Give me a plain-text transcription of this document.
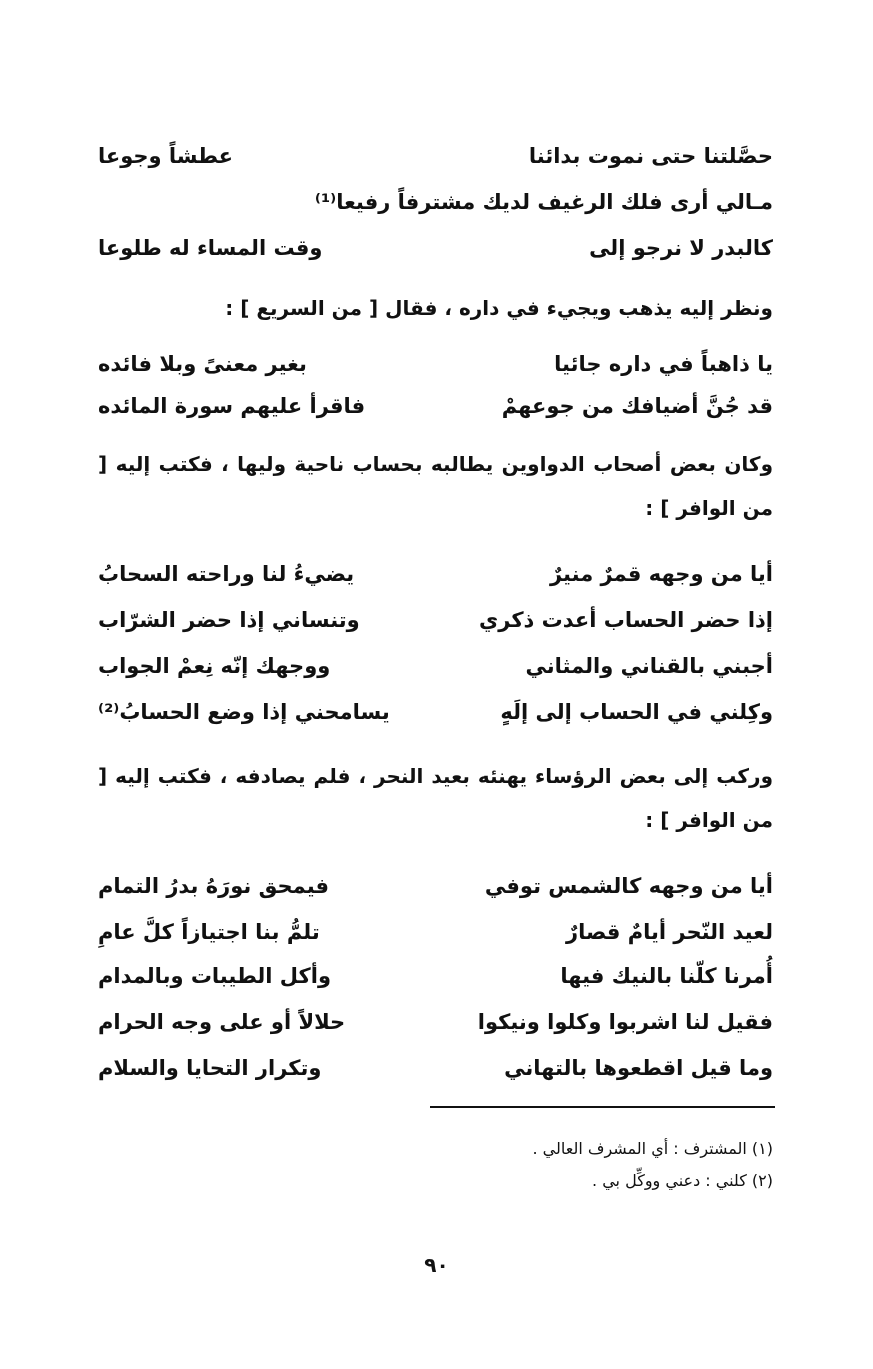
حصَّلتنا حتى نموت بدائنا
عطشاً وجوعا
مـالي أرى فلك الرغيف لديك مشترفاً رفيعا⁽¹⁾
كالبدر لا نرجو إلى
وقت المساء له طلوعا
ونظر إليه يذهب ويجيء في داره ، فقال [ من السريع ] :
يا ذاهباً في داره جائيا
بغير معنىً وبلا فائده
قد جُنَّ أضيافك من جوعهمْ
فاقرأ عليهم سورة المائده
وكان بعض أصحاب الدواوين يطالبه بحساب ناحية وليها ، فكتب إليه [ من الوافر ] :
أيا من وجهه قمرٌ منيرٌ
يضيءُ لنا وراحته السحابُ
إذا حضر الحساب أعدت ذكري
وتنساني إذا حضر الشرّاب
أجبني بالقناني والمثاني
ووجهك إنّه نِعمْ الجواب
وكِلني في الحساب إلى إلَهٍ
يسامحني إذا وضع الحسابُ⁽²⁾
وركب إلى بعض الرؤساء يهنئه بعيد النحر ، فلم يصادفه ، فكتب إليه [ من الوافر ] :
أيا من وجهه كالشمس توفي
فيمحق نورَهُ بدرُ التمام
لعيد النّحر أيامٌ قصارٌ
تلمُّ بنا اجتيازاً كلَّ عامِ
أُمرنا كلّنا بالنيك فيها
وأكل الطيبات وبالمدام
فقيل لنا اشربوا وكلوا ونيكوا
حلالاً أو على وجه الحرام
وما قيل اقطعوها بالتهاني
وتكرار التحايا والسلام
(١) المشترف : أي المشرف العالي .
(٢) كلني : دعني ووكِّل بي .
٩٠
